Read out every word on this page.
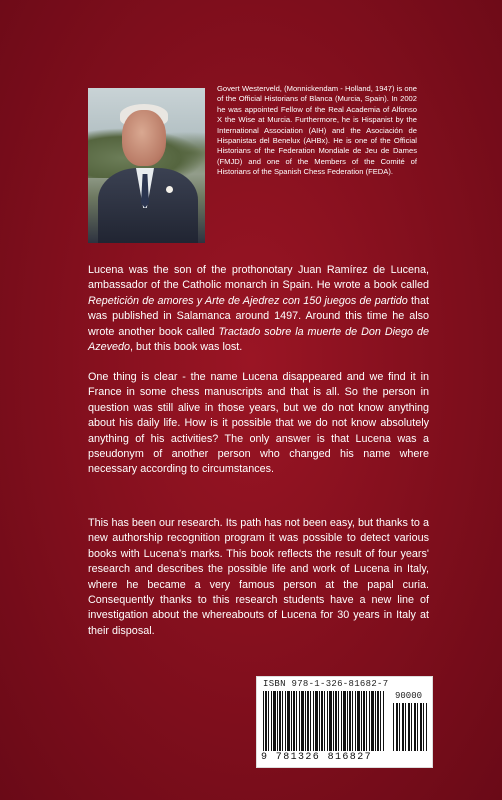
Govert Westerveld, (Monnickendam - Holland, 1947) is one of the Official Historians of Blanca (Murcia, Spain). In 2002 he was appointed Fellow of the Real Academia of Alfonso X the Wise at Murcia. Furthermore, he is Hispanist by the International Association (AIH) and the Asociación de Hispanistas del Benelux (AHBx). He is one of the Official Historians of the Federation Mondiale de Jeu de Dames (FMJD) and one of the Members of the Comité of Historians of the Spanish Chess Federation (FEDA).

Lucena was the son of the prothonotary Juan Ramírez de Lucena, ambassador of the Catholic monarch in Spain. He wrote a book called Repetición de amores y Arte de Ajedrez con 150 juegos de partido that was published in Salamanca around 1497. Around this time he also wrote another book called Tractado sobre la muerte de Don Diego de Azevedo, but this book was lost.

One thing is clear - the name Lucena disappeared and we find it in France in some chess manuscripts and that is all. So the person in question was still alive in those years, but we do not know anything about his daily life. How is it possible that we do not know absolutely anything of his activities? The only answer is that Lucena was a pseudonym of another person who changed his name where necessary according to circumstances.

This has been our research. Its path has not been easy, but thanks to a new authorship recognition program it was possible to detect various books with Lucena's marks. This book reflects the result of four years' research and describes the possible life and work of Lucena in Italy, where he became a very famous person at the papal curia. Consequently thanks to this research students have a new line of investigation about the whereabouts of Lucena for 30 years in Italy at their disposal.

ISBN 978-1-326-81682-7
90000
9 781326 816827
